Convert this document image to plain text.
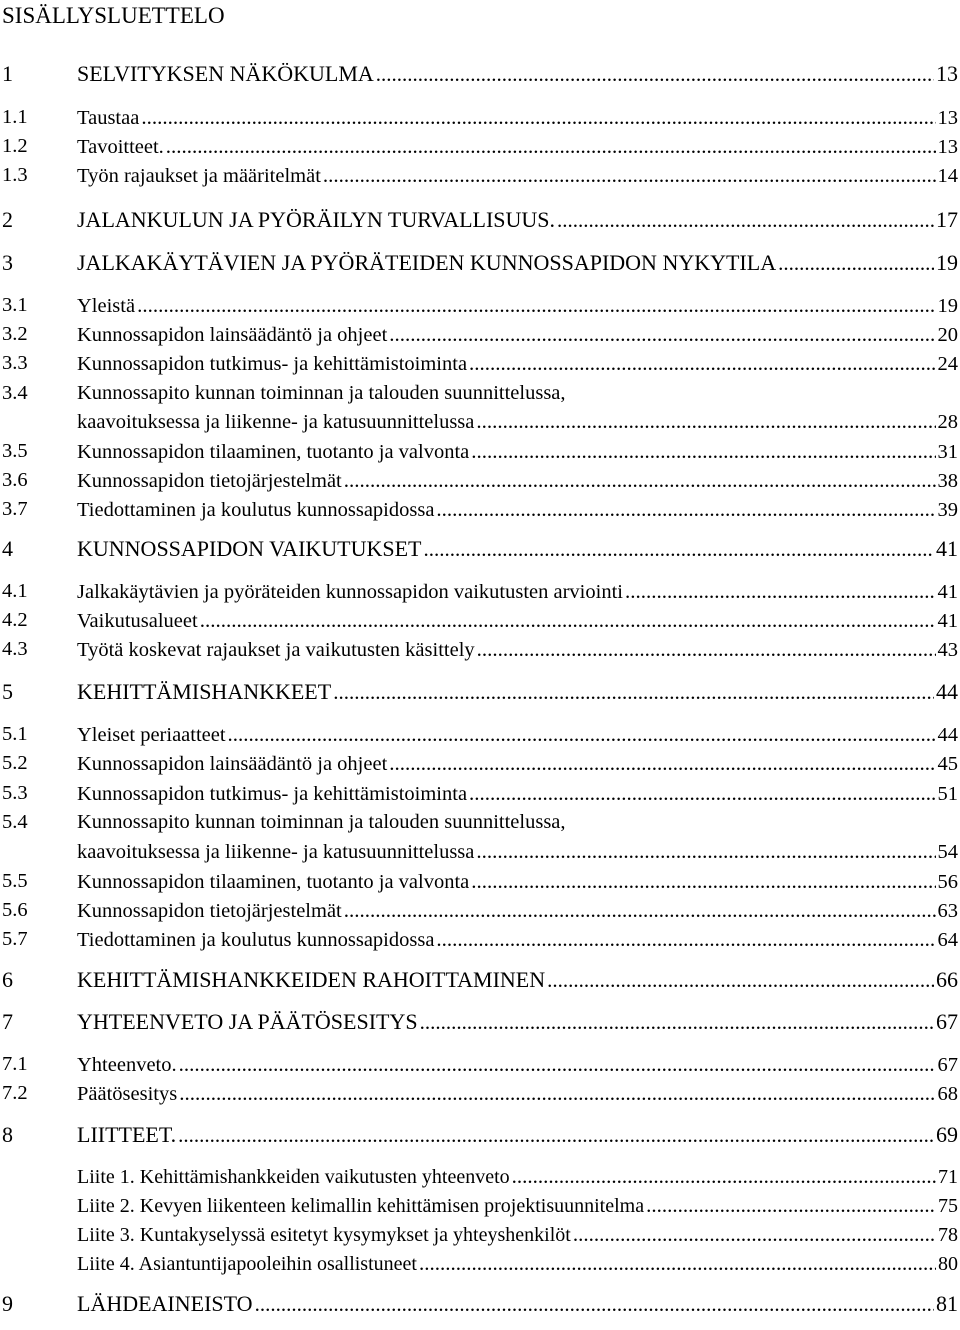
SISÄLLYSLUETTELO
1	SELVITYKSEN NÄKÖKULMA .....	13
1.1 Taustaa .....	13
1.2 Tavoitteet. .....	13
1.3 Työn rajaukset ja määritelmät .....	14
2	JALANKULUN JA PYÖRÄILYN TURVALLISUUS. .....	17
3	JALKAKÄYTÄVIEN JA PYÖRÄTEIDEN KUNNOSSAPIDON NYKYTILA .....	19
3.1 Yleistä .....	19
3.2 Kunnossapidon lainsäädäntö ja ohjeet .....	20
3.3 Kunnossapidon tutkimus- ja kehittämistoiminta .....	24
3.4 Kunnossapito kunnan toiminnan ja talouden suunnittelussa,
kaavoituksessa ja liikenne- ja katusuunnittelussa .....	28
3.5 Kunnossapidon tilaaminen, tuotanto ja valvonta .....	31
3.6 Kunnossapidon tietojärjestelmät .....	38
3.7 Tiedottaminen ja koulutus kunnossapidossa .....	39
4	KUNNOSSAPIDON VAIKUTUKSET .....	41
4.1 Jalkakäytävien ja pyöräteiden kunnossapidon vaikutusten arviointi .....	41
4.2 Vaikutusalueet .....	41
4.3 Työtä koskevat rajaukset ja vaikutusten käsittely .....	43
5	KEHITTÄMISHANKKEET .....	44
5.1 Yleiset periaatteet .....	44
5.2 Kunnossapidon lainsäädäntö ja ohjeet .....	45
5.3 Kunnossapidon tutkimus- ja kehittämistoiminta .....	51
5.4 Kunnossapito kunnan toiminnan ja talouden suunnittelussa,
kaavoituksessa ja liikenne- ja katusuunnittelussa .....	54
5.5 Kunnossapidon tilaaminen, tuotanto ja valvonta .....	56
5.6 Kunnossapidon tietojärjestelmät .....	63
5.7 Tiedottaminen ja koulutus kunnossapidossa .....	64
6	KEHITTÄMISHANKKEIDEN RAHOITTAMINEN .....	66
7	YHTEENVETO JA PÄÄTÖSESITYS .....	67
7.1 Yhteenveto. .....	67
7.2 Päätösesitys .....	68
8	LIITTEET. .....	69
Liite 1. Kehittämishankkeiden vaikutusten yhteenveto .....	71
Liite 2. Kevyen liikenteen kelimallin kehittämisen projektisuunnitelma .....	75
Liite 3. Kuntakyselyssä esitetyt kysymykset ja yhteyshenkilöt .....	78
Liite 4. Asiantuntijapooleihin osallistuneet .....	80
9	LÄHDEAINEISTO .....	81
